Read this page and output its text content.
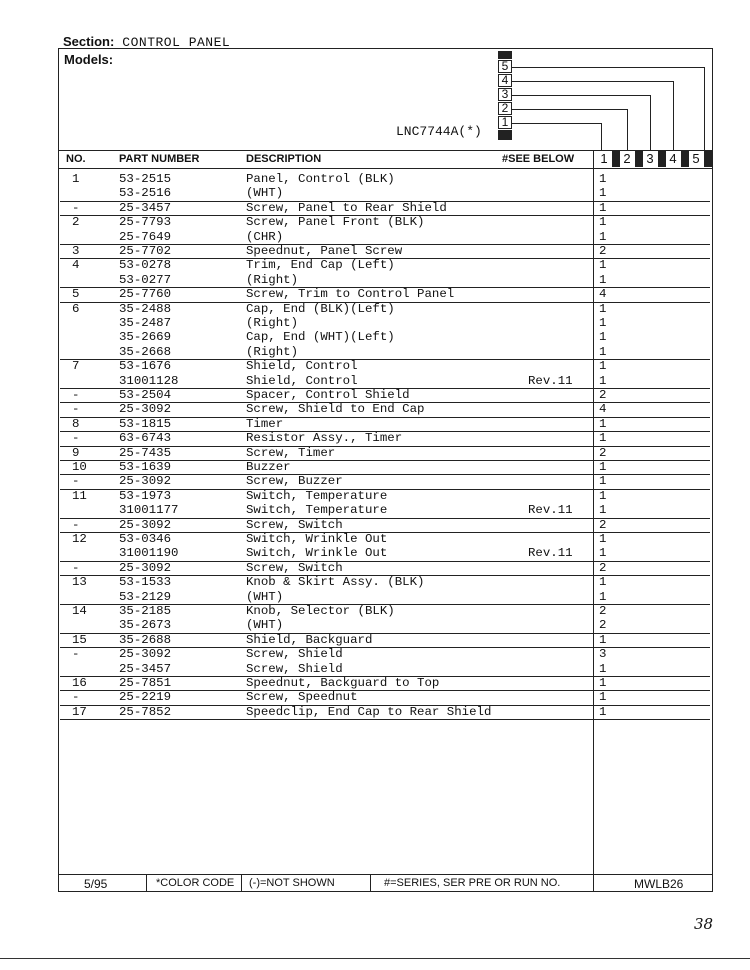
Section: CONTROL PANEL
Models:
LNC7744A(*)
5
4
3
2
1
NO.	PART NUMBER	DESCRIPTION	#SEE BELOW	1	2	3	4	5
1	53-2515	Panel, Control (BLK)	1
53-2516	(WHT)	1
-	25-3457	Screw, Panel to Rear Shield	1
2	25-7793	Screw, Panel Front (BLK)	1
25-7649	(CHR)	1
3	25-7702	Speednut, Panel Screw	2
4	53-0278	Trim, End Cap (Left)	1
53-0277	(Right)	1
5	25-7760	Screw, Trim to Control Panel	4
6	35-2488	Cap, End (BLK)(Left)	1
35-2487	(Right)	1
35-2669	Cap, End (WHT)(Left)	1
35-2668	(Right)	1
7	53-1676	Shield, Control	1
31001128	Shield, Control	Rev.11 1
-	53-2504	Spacer, Control Shield	2
-	25-3092	Screw, Shield to End Cap	4
8	53-1815	Timer	1
-	63-6743	Resistor Assy., Timer	1
9	25-7435	Screw, Timer	2
10	53-1639	Buzzer	1
-	25-3092	Screw, Buzzer	1
11	53-1973	Switch, Temperature	1
31001177	Switch, Temperature	Rev.11 1
-	25-3092	Screw, Switch	2
12	53-0346	Switch, Wrinkle Out	1
31001190	Switch, Wrinkle Out	Rev.11 1
-	25-3092	Screw, Switch	2
13	53-1533	Knob & Skirt Assy. (BLK)	1
53-2129	(WHT)	1
14	35-2185	Knob, Selector (BLK)	2
35-2673	(WHT)	2
15	35-2688	Shield, Backguard	1
-	25-3092	Screw, Shield	3
25-3457	Screw, Shield	1
16	25-7851	Speednut, Backguard to Top	1
-	25-2219	Screw, Speednut	1
17	25-7852	Speedclip, End Cap to Rear Shield	1
5/95	*COLOR CODE (-)=NOT SHOWN	#=SERIES, SER PRE OR RUN NO.	MWLB26
38
